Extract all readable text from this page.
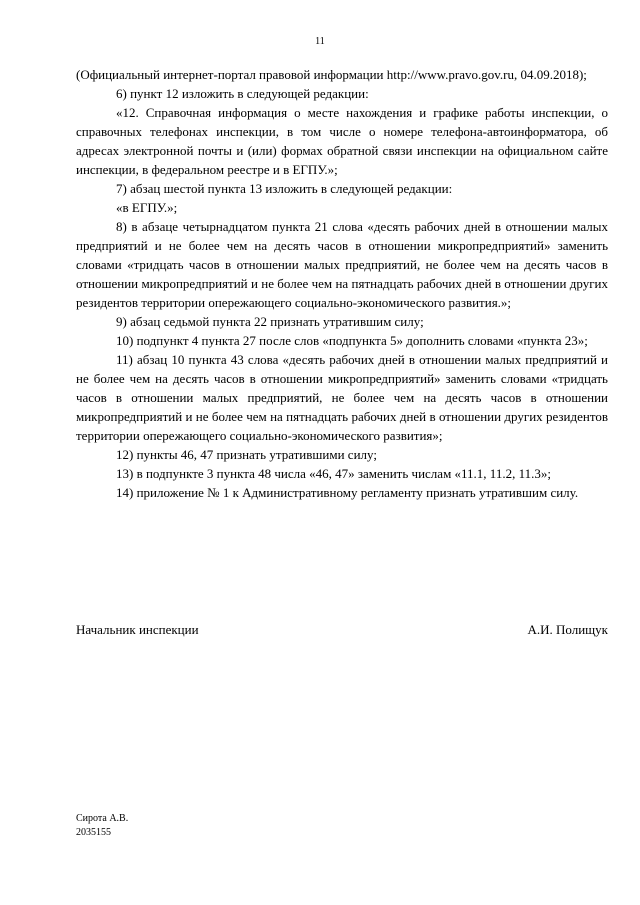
11

(Официальный интернет-портал правовой информации http://www.pravo.gov.ru, 04.09.2018);

6) пункт 12 изложить в следующей редакции:

«12. Справочная информация о месте нахождения и графике работы инспекции, о справочных телефонах инспекции, в том числе о номере телефона-автоинформатора, об адресах электронной почты и (или) формах обратной связи инспекции на официальном сайте инспекции, в федеральном реестре и в ЕГПУ.»;

7) абзац шестой пункта 13 изложить в следующей редакции:

«в ЕГПУ.»;

8) в абзаце четырнадцатом пункта 21 слова «десять рабочих дней в отношении малых предприятий и не более чем на десять часов в отношении микропредприятий» заменить словами «тридцать часов в отношении малых предприятий, не более чем на десять часов в отношении микропредприятий и не более чем на пятнадцать рабочих дней в отношении других резидентов территории опережающего социально-экономического развития.»;

9) абзац седьмой пункта 22 признать утратившим силу;

10) подпункт 4 пункта 27 после слов «подпункта 5» дополнить словами «пункта 23»;

11) абзац 10 пункта 43 слова «десять рабочих дней в отношении малых предприятий и не более чем на десять часов в отношении микропредприятий» заменить словами «тридцать часов в отношении малых предприятий, не более чем на десять часов в отношении микропредприятий и не более чем на пятнадцать рабочих дней в отношении других резидентов территории опережающего социально-экономического развития»;

12) пункты 46, 47 признать утратившими силу;

13) в подпункте 3 пункта 48 числа «46, 47» заменить числам «11.1, 11.2, 11.3»;

14) приложение № 1 к Административному регламенту признать утратившим силу.

Начальник инспекции	А.И. Полищук
Сирота А.В.
2035155
